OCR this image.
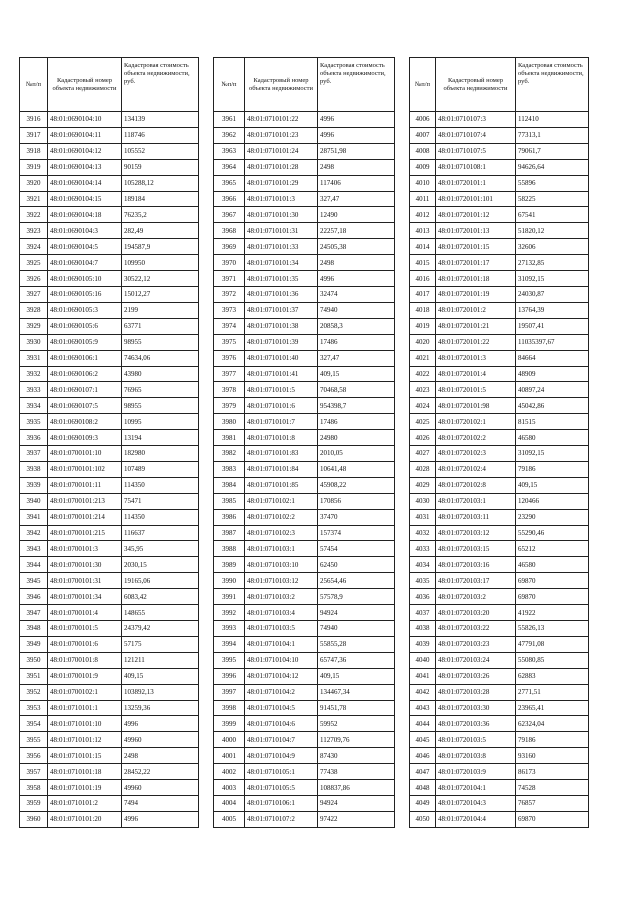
№п/п	Кадастровый номер объекта недвижимости	Кадастровая стоимость объекта недвижимости, руб.
3916	48:01:0690104:10	134139
3917	48:01:0690104:11	118746
3918	48:01:0690104:12	105552
3919	48:01:0690104:13	90159
3920	48:01:0690104:14	105288,12
3921	48:01:0690104:15	189184
3922	48:01:0690104:18	76235,2
3923	48:01:0690104:3	282,49
3924	48:01:0690104:5	194587,9
3925	48:01:0690104:7	109950
3926	48:01:0690105:10	30522,12
3927	48:01:0690105:16	15012,27
3928	48:01:0690105:3	2199
3929	48:01:0690105:6	63771
3930	48:01:0690105:9	98955
3931	48:01:0690106:1	74634,06
3932	48:01:0690106:2	43980
3933	48:01:0690107:1	76965
3934	48:01:0690107:5	98955
3935	48:01:0690108:2	10995
3936	48:01:0690109:3	13194
3937	48:01:0700101:10	182980
3938	48:01:0700101:102	107489
3939	48:01:0700101:11	114350
3940	48:01:0700101:213	75471
3941	48:01:0700101:214	114350
3942	48:01:0700101:215	116637
3943	48:01:0700101:3	345,95
3944	48:01:0700101:30	2030,15
3945	48:01:0700101:31	19165,06
3946	48:01:0700101:34	6083,42
3947	48:01:0700101:4	148655
3948	48:01:0700101:5	24379,42
3949	48:01:0700101:6	57175
3950	48:01:0700101:8	121211
3951	48:01:0700101:9	409,15
3952	48:01:0700102:1	103892,13
3953	48:01:0710101:1	13259,36
3954	48:01:0710101:10	4996
3955	48:01:0710101:12	49960
3956	48:01:0710101:15	2498
3957	48:01:0710101:18	28452,22
3958	48:01:0710101:19	49960
3959	48:01:0710101:2	7494
3960	48:01:0710101:20	4996
№п/п	Кадастровый номер объекта недвижимости	Кадастровая стоимость объекта недвижимости, руб.
3961	48:01:0710101:22	4996
3962	48:01:0710101:23	4996
3963	48:01:0710101:24	28751,98
3964	48:01:0710101:28	2498
3965	48:01:0710101:29	117406
3966	48:01:0710101:3	327,47
3967	48:01:0710101:30	12490
3968	48:01:0710101:31	22257,18
3969	48:01:0710101:33	24505,38
3970	48:01:0710101:34	2498
3971	48:01:0710101:35	4996
3972	48:01:0710101:36	32474
3973	48:01:0710101:37	74940
3974	48:01:0710101:38	20858,3
3975	48:01:0710101:39	17486
3976	48:01:0710101:40	327,47
3977	48:01:0710101:41	409,15
3978	48:01:0710101:5	70468,58
3979	48:01:0710101:6	954398,7
3980	48:01:0710101:7	17486
3981	48:01:0710101:8	24980
3982	48:01:0710101:83	2010,05
3983	48:01:0710101:84	10641,48
3984	48:01:0710101:85	45908,22
3985	48:01:0710102:1	170856
3986	48:01:0710102:2	37470
3987	48:01:0710102:3	157374
3988	48:01:0710103:1	57454
3989	48:01:0710103:10	62450
3990	48:01:0710103:12	25654,46
3991	48:01:0710103:2	57578,9
3992	48:01:0710103:4	94924
3993	48:01:0710103:5	74940
3994	48:01:0710104:1	55855,28
3995	48:01:0710104:10	65747,36
3996	48:01:0710104:12	409,15
3997	48:01:0710104:2	134467,34
3998	48:01:0710104:5	91451,78
3999	48:01:0710104:6	59952
4000	48:01:0710104:7	112709,76
4001	48:01:0710104:9	87430
4002	48:01:0710105:1	77438
4003	48:01:0710105:5	108837,86
4004	48:01:0710106:1	94924
4005	48:01:0710107:2	97422
№п/п	Кадастровый номер объекта недвижимости	Кадастровая стоимость объекта недвижимости, руб.
4006	48:01:0710107:3	112410
4007	48:01:0710107:4	77313,1
4008	48:01:0710107:5	79061,7
4009	48:01:0710108:1	94626,64
4010	48:01:0720101:1	55896
4011	48:01:0720101:101	58225
4012	48:01:0720101:12	67541
4013	48:01:0720101:13	51820,12
4014	48:01:0720101:15	32606
4015	48:01:0720101:17	27132,85
4016	48:01:0720101:18	31092,15
4017	48:01:0720101:19	24030,87
4018	48:01:0720101:2	13764,39
4019	48:01:0720101:21	19507,41
4020	48:01:0720101:22	11035397,67
4021	48:01:0720101:3	84664
4022	48:01:0720101:4	48909
4023	48:01:0720101:5	40897,24
4024	48:01:0720101:98	45042,86
4025	48:01:0720102:1	81515
4026	48:01:0720102:2	46580
4027	48:01:0720102:3	31092,15
4028	48:01:0720102:4	79186
4029	48:01:0720102:8	409,15
4030	48:01:0720103:1	120466
4031	48:01:0720103:11	23290
4032	48:01:0720103:12	55290,46
4033	48:01:0720103:15	65212
4034	48:01:0720103:16	46580
4035	48:01:0720103:17	69870
4036	48:01:0720103:2	69870
4037	48:01:0720103:20	41922
4038	48:01:0720103:22	55826,13
4039	48:01:0720103:23	47791,08
4040	48:01:0720103:24	55080,85
4041	48:01:0720103:26	62883
4042	48:01:0720103:28	2771,51
4043	48:01:0720103:30	23965,41
4044	48:01:0720103:36	62324,04
4045	48:01:0720103:5	79186
4046	48:01:0720103:8	93160
4047	48:01:0720103:9	86173
4048	48:01:0720104:1	74528
4049	48:01:0720104:3	76857
4050	48:01:0720104:4	69870
